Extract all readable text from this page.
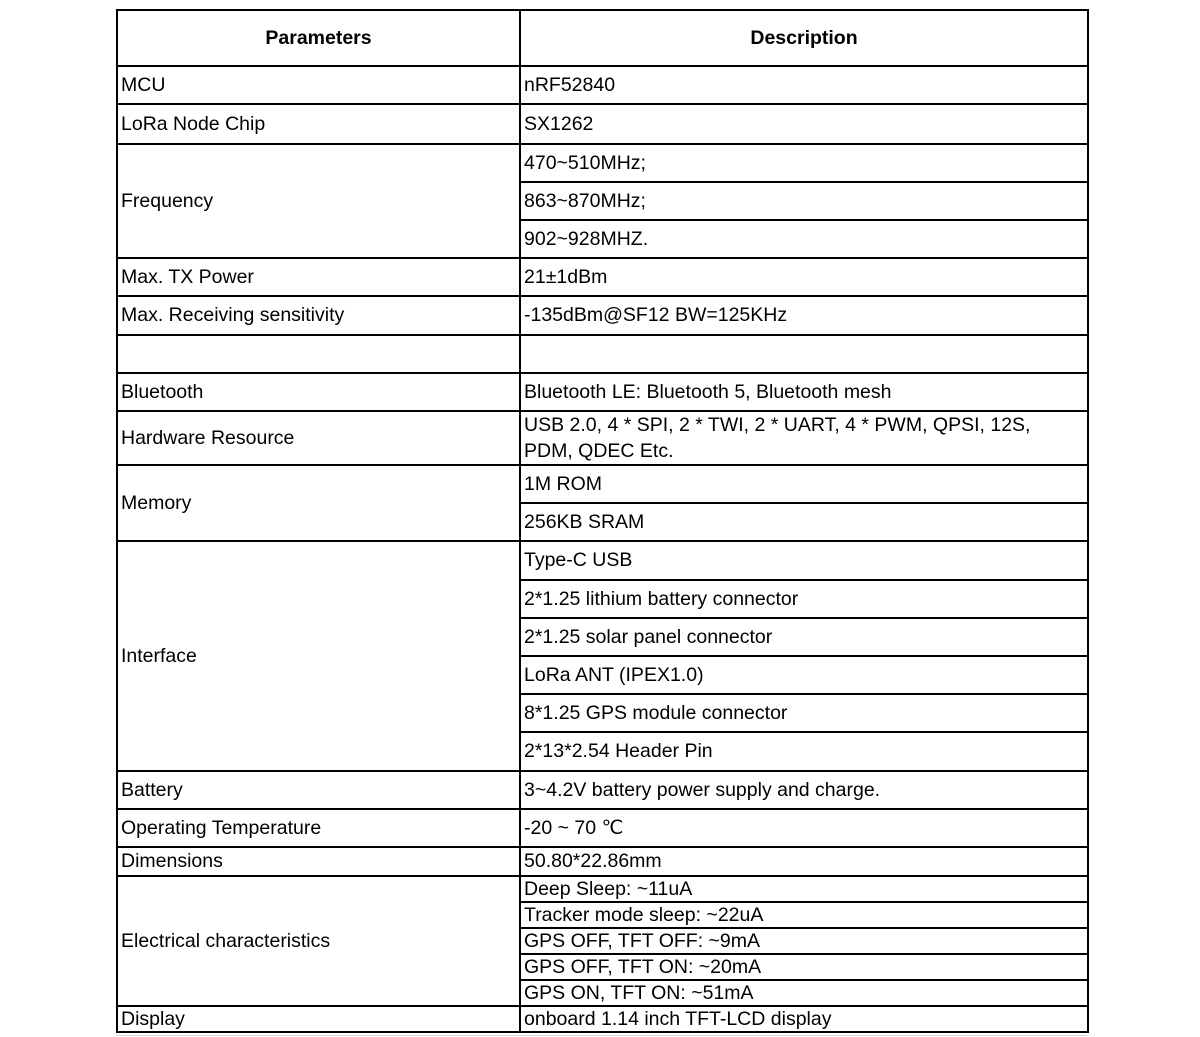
Parameters	Description
MCU	nRF52840
LoRa Node Chip	SX1262
Frequency	470~510MHz;
	863~870MHz;
	902~928MHZ.
Max. TX Power	21±1dBm
Max. Receiving sensitivity	-135dBm@SF12 BW=125KHz

Bluetooth	Bluetooth LE: Bluetooth 5, Bluetooth mesh
Hardware Resource	USB 2.0, 4 * SPI, 2 * TWI, 2 * UART, 4 * PWM, QPSI, 12S, PDM, QDEC Etc.
Memory	1M ROM
	256KB SRAM
Interface	Type-C USB
	2*1.25 lithium battery connector
	2*1.25 solar panel connector
	LoRa ANT (IPEX1.0)
	8*1.25 GPS module connector
	2*13*2.54 Header Pin
Battery	3~4.2V battery power supply and charge.
Operating Temperature	-20 ~ 70 ℃
Dimensions	50.80*22.86mm
Electrical characteristics	Deep Sleep: ~11uA
	Tracker mode sleep: ~22uA
	GPS OFF, TFT OFF: ~9mA
	GPS OFF, TFT ON: ~20mA
	GPS ON, TFT ON: ~51mA
Display	onboard 1.14 inch TFT-LCD display
